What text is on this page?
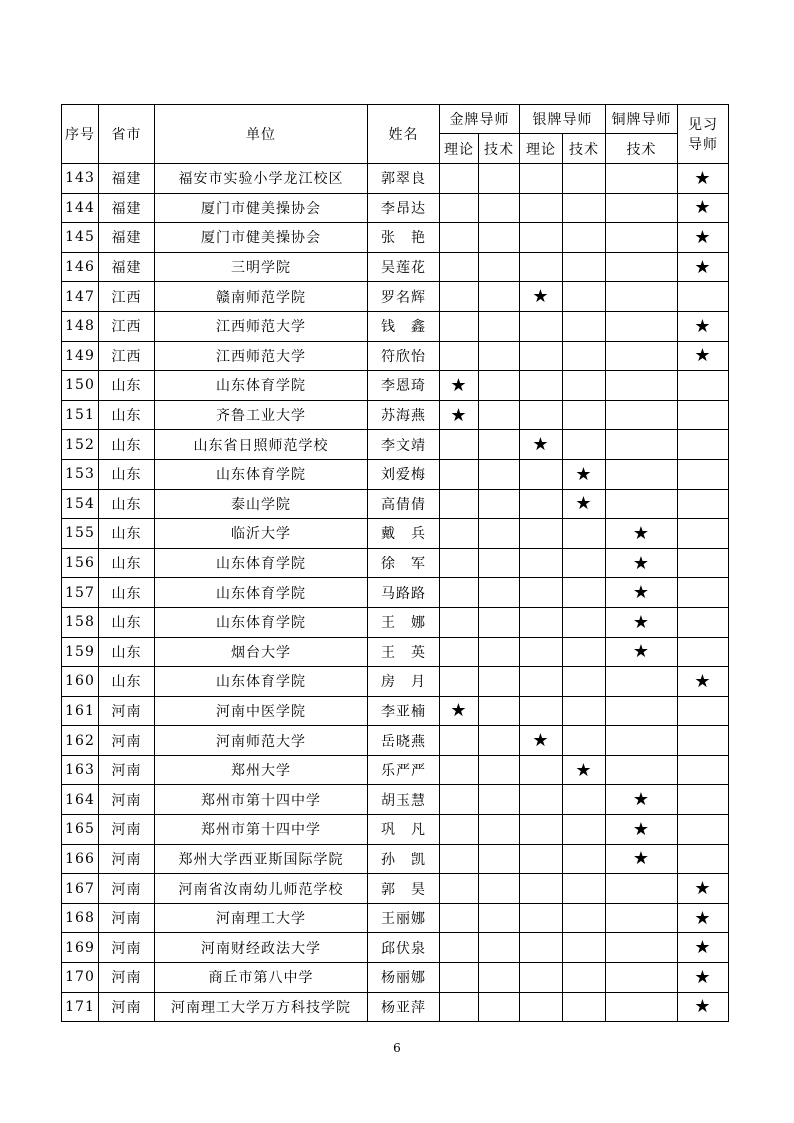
序号	省市	单位	姓名	金牌导师		银牌导师		铜牌导师	见习
导师

				理论	技术	理论	技术	技术	
143	福建	福安市实验小学龙江校区	郭翠良						★
144	福建	厦门市健美操协会	李昂达						★
145	福建	厦门市健美操协会	张　艳						★
146	福建	三明学院	吴莲花						★
147	江西	赣南师范学院	罗名辉			★			
148	江西	江西师范大学	钱　鑫						★
149	江西	江西师范大学	符欣怡						★
150	山东	山东体育学院	李恩琦	★					
151	山东	齐鲁工业大学	苏海燕	★					
152	山东	山东省日照师范学校	李文靖			★			
153	山东	山东体育学院	刘爱梅				★		
154	山东	泰山学院	高倩倩				★		
155	山东	临沂大学	戴　兵					★	
156	山东	山东体育学院	徐　军					★	
157	山东	山东体育学院	马路路					★	
158	山东	山东体育学院	王　娜					★	
159	山东	烟台大学	王　英					★	
160	山东	山东体育学院	房　月						★
161	河南	河南中医学院	李亚楠	★					
162	河南	河南师范大学	岳晓燕			★			
163	河南	郑州大学	乐严严				★		
164	河南	郑州市第十四中学	胡玉慧					★	
165	河南	郑州市第十四中学	巩　凡					★	
166	河南	郑州大学西亚斯国际学院	孙　凯					★	
167	河南	河南省汝南幼儿师范学校	郭　昊						★
168	河南	河南理工大学	王丽娜						★
169	河南	河南财经政法大学	邱伏泉						★
170	河南	商丘市第八中学	杨丽娜						★
171	河南	河南理工大学万方科技学院	杨亚萍						★
6
